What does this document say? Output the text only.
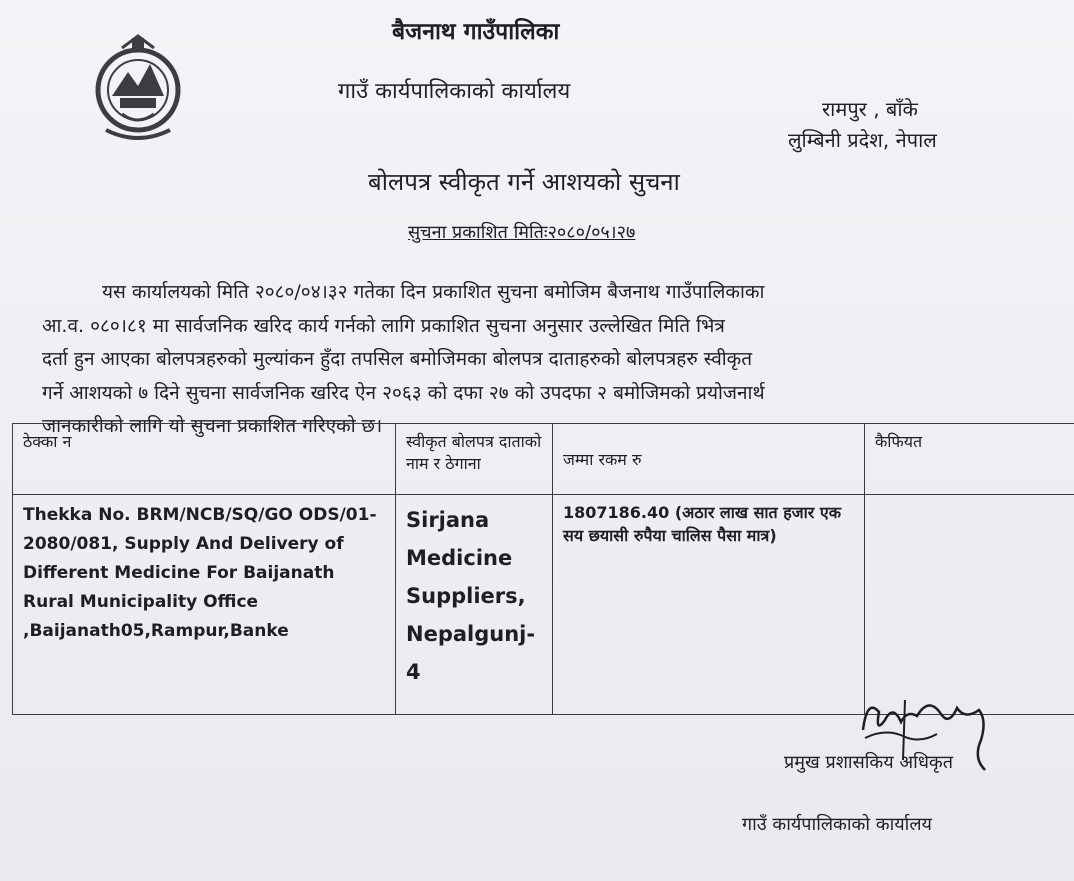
बैजनाथ गाउँपालिका
गाउँ कार्यपालिकाको कार्यालय
रामपुर , बाँके
लुम्बिनी प्रदेश, नेपाल
बोलपत्र स्वीकृत गर्ने आशयको सुचना
सुचना प्रकाशित मितिः२०८०/०५।२७
यस कार्यालयको मिति २०८०/०४।३२ गतेका दिन प्रकाशित सुचना बमोजिम बैजनाथ गाउँपालिकाका
आ.व. ०८०।८१ मा सार्वजनिक खरिद कार्य गर्नको लागि प्रकाशित सुचना अनुसार उल्लेखित मिति भित्र
दर्ता हुन आएका बोलपत्रहरुको मुल्यांकन हुँदा तपसिल बमोजिमका बोलपत्र दाताहरुको बोलपत्रहरु स्वीकृत
गर्ने आशयको ७ दिने सुचना सार्वजनिक खरिद ऐन २०६३ को दफा २७ को उपदफा २ बमोजिमको प्रयोजनार्थ
जानकारीको लागि यो सुचना प्रकाशित गरिएको छ।
ठेक्का न	स्वीकृत बोलपत्र दाताको नाम र ठेगाना	जम्मा रकम रु	कैफियत
Thekka No. BRM/NCB/SQ/GO ODS/01-2080/081, Supply And Delivery of Different Medicine For Baijanath Rural Municipality Office ,Baijanath05,Rampur,Banke	Sirjana Medicine Suppliers, Nepalgunj-4	1807186.40 (अठार लाख सात हजार एक सय छयासी रुपैया चालिस पैसा मात्र)	
प्रमुख प्रशासकिय अधिकृत
गाउँ कार्यपालिकाको कार्यालय
